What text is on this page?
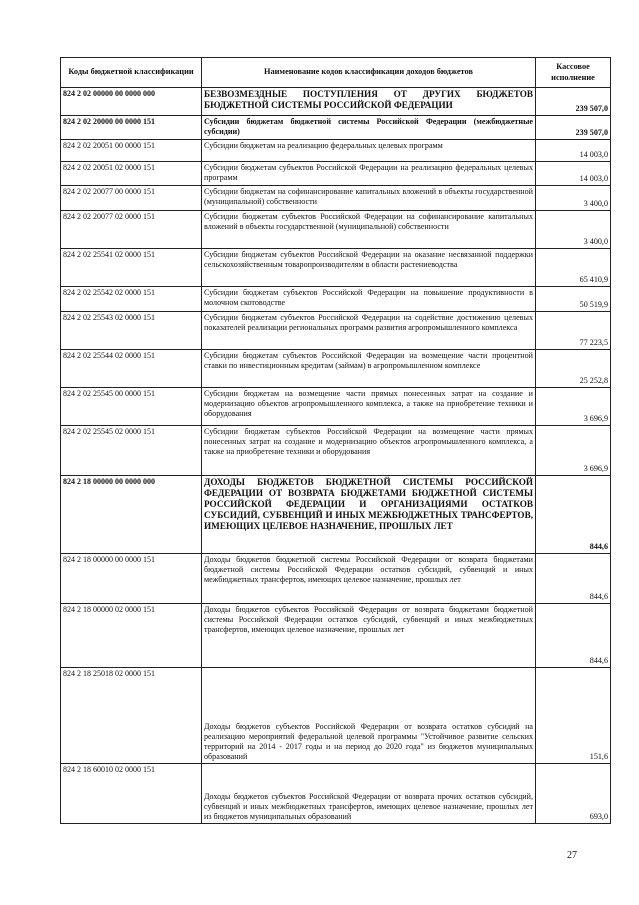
Коды бюджетной классификации	Наименование кодов классификации доходов бюджетов	Кассовое исполнение
824 2 02 00000 00 0000 000	БЕЗВОЗМЕЗДНЫЕ ПОСТУПЛЕНИЯ ОТ ДРУГИХ БЮДЖЕТОВ БЮДЖЕТНОЙ СИСТЕМЫ РОССИЙСКОЙ ФЕДЕРАЦИИ	239 507,0
824 2 02 20000 00 0000 151	Субсидии бюджетам бюджетной системы Российской Федерации (межбюджетные субсидии)	239 507,0
824 2 02 20051 00 0000 151	Субсидии бюджетам на реализацию федеральных целевых программ	14 003,0
824 2 02 20051 02 0000 151	Субсидии бюджетам субъектов Российской Федерации на реализацию федеральных целевых программ	14 003,0
824 2 02 20077 00 0000 151	Субсидии бюджетам на софинансирование капитальных вложений в объекты государственной (муниципальной) собственности	3 400,0
824 2 02 20077 02 0000 151	Субсидии бюджетам субъектов Российской Федерации на софинансирование капитальных вложений в объекты государственной (муниципальной) собственности	3 400,0
824 2 02 25541 02 0000 151	Субсидии бюджетам субъектов Российской Федерации на оказание несвязанной поддержки сельскохозяйственным товаропроизводителям в области растениеводства	65 410,9
824 2 02 25542 02 0000 151	Субсидии бюджетам субъектов Российской Федерации на повышение продуктивности в молочном скотоводстве	50 519,9
824 2 02 25543 02 0000 151	Субсидии бюджетам субъектов Российской Федерации на содействие достижению целевых показателей реализации региональных программ развития агропромышленного комплекса	77 223,5
824 2 02 25544 02 0000 151	Субсидии бюджетам субъектов Российской Федерации на возмещение части процентной ставки по инвестиционным кредитам (займам) в агропромышленном комплексе	25 252,8
824 2 02 25545 00 0000 151	Субсидии бюджетам на возмещение части прямых понесенных затрат на создание и модернизацию объектов агропромышленного комплекса, а также на приобретение техники и оборудования	3 696,9
824 2 02 25545 02 0000 151	Субсидии бюджетам субъектов Российской Федерации на возмещение части прямых понесенных затрат на создание и модернизацию объектов агропромышленного комплекса, а также на приобретение техники и оборудования	3 696,9
824 2 18 00000 00 0000 000	ДОХОДЫ БЮДЖЕТОВ БЮДЖЕТНОЙ СИСТЕМЫ РОССИЙСКОЙ ФЕДЕРАЦИИ ОТ ВОЗВРАТА БЮДЖЕТАМИ БЮДЖЕТНОЙ СИСТЕМЫ РОССИЙСКОЙ ФЕДЕРАЦИИ И ОРГАНИЗАЦИЯМИ ОСТАТКОВ СУБСИДИЙ, СУБВЕНЦИЙ И ИНЫХ МЕЖБЮДЖЕТНЫХ ТРАНСФЕРТОВ, ИМЕЮЩИХ ЦЕЛЕВОЕ НАЗНАЧЕНИЕ, ПРОШЛЫХ ЛЕТ	844,6
824 2 18 00000 00 0000 151	Доходы бюджетов бюджетной системы Российской Федерации от возврата бюджетами бюджетной системы Российской Федерации остатков субсидий, субвенций и иных межбюджетных трансфертов, имеющих целевое назначение, прошлых лет	844,6
824 2 18 00000 02 0000 151	Доходы бюджетов субъектов Российской Федерации от возврата бюджетами бюджетной системы Российской Федерации остатков субсидий, субвенций и иных межбюджетных трансфертов, имеющих целевое назначение, прошлых лет	844,6
824 2 18 25018 02 0000 151	Доходы бюджетов субъектов Российской Федерации от возврата остатков субсидий на реализацию мероприятий федеральной целевой программы "Устойчивое развитие сельских территорий на 2014 - 2017 годы и на период до 2020 года" из бюджетов муниципальных образований	151,6
824 2 18 60010 02 0000 151	Доходы бюджетов субъектов Российской Федерации от возврата прочих остатков субсидий, субвенций и иных межбюджетных трансфертов, имеющих целевое назначение, прошлых лет из бюджетов муниципальных образований	693,0
27
